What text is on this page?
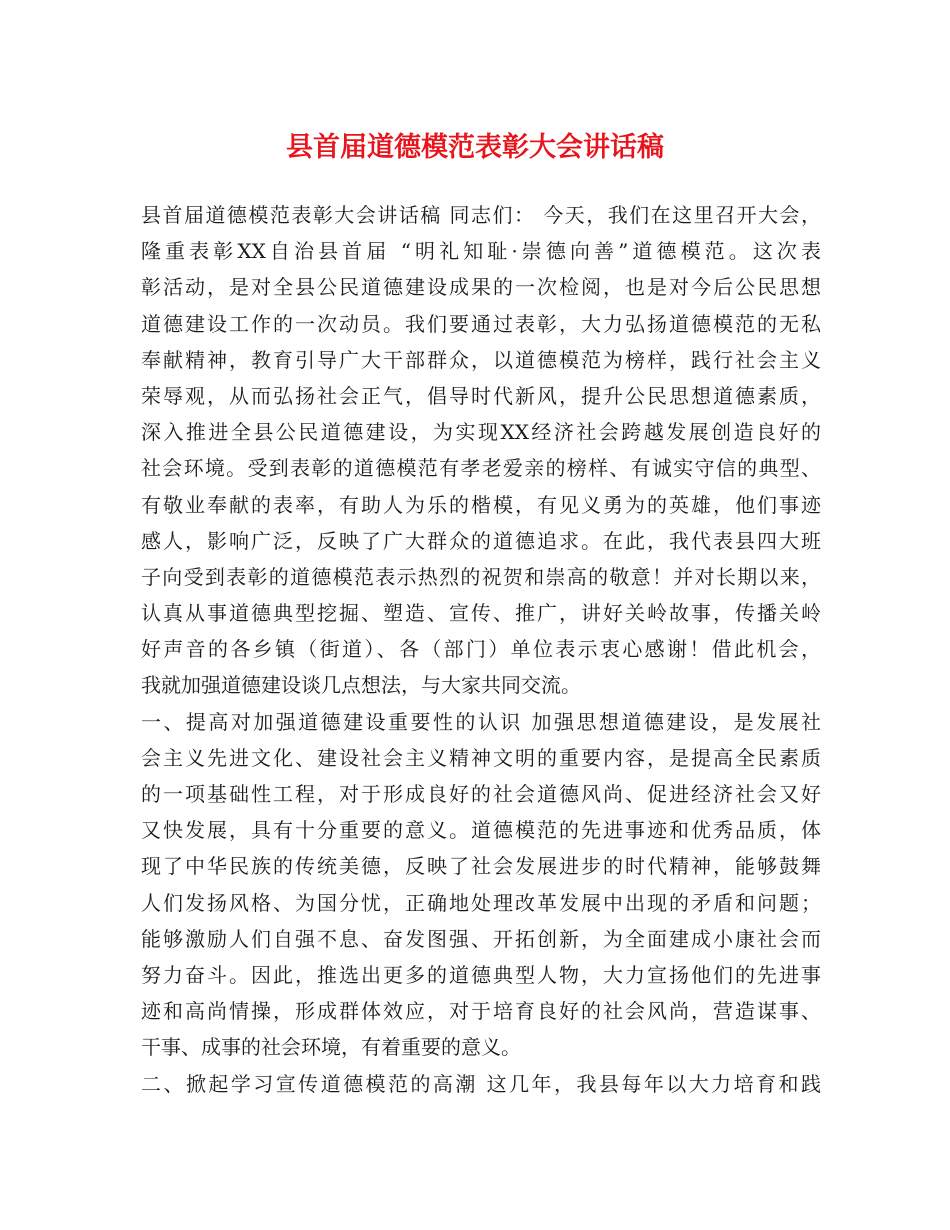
县首届道德模范表彰大会讲话稿
县首届道德模范表彰大会讲话稿 同志们： 今天，我们在这里召开大会，
隆重表彰XX自治县首届 “明礼知耻·崇德向善”道德模范。这次表
彰活动，是对全县公民道德建设成果的一次检阅，也是对今后公民思想
道德建设工作的一次动员。我们要通过表彰，大力弘扬道德模范的无私
奉献精神，教育引导广大干部群众，以道德模范为榜样，践行社会主义
荣辱观，从而弘扬社会正气，倡导时代新风，提升公民思想道德素质，
深入推进全县公民道德建设，为实现XX经济社会跨越发展创造良好的
社会环境。受到表彰的道德模范有孝老爱亲的榜样、有诚实守信的典型、
有敬业奉献的表率，有助人为乐的楷模，有见义勇为的英雄，他们事迹
感人，影响广泛，反映了广大群众的道德追求。在此，我代表县四大班
子向受到表彰的道德模范表示热烈的祝贺和崇高的敬意！并对长期以来，
认真从事道德典型挖掘、塑造、宣传、推广，讲好关岭故事，传播关岭
好声音的各乡镇（街道）、各（部门）单位表示衷心感谢！借此机会，
我就加强道德建设谈几点想法，与大家共同交流。
一、提高对加强道德建设重要性的认识 加强思想道德建设，是发展社
会主义先进文化、建设社会主义精神文明的重要内容，是提高全民素质
的一项基础性工程，对于形成良好的社会道德风尚、促进经济社会又好
又快发展，具有十分重要的意义。道德模范的先进事迹和优秀品质，体
现了中华民族的传统美德，反映了社会发展进步的时代精神，能够鼓舞
人们发扬风格、为国分忧，正确地处理改革发展中出现的矛盾和问题；
能够激励人们自强不息、奋发图强、开拓创新，为全面建成小康社会而
努力奋斗。因此，推选出更多的道德典型人物，大力宣扬他们的先进事
迹和高尚情操，形成群体效应，对于培育良好的社会风尚，营造谋事、
干事、成事的社会环境，有着重要的意义。
二、掀起学习宣传道德模范的高潮 这几年，我县每年以大力培育和践
